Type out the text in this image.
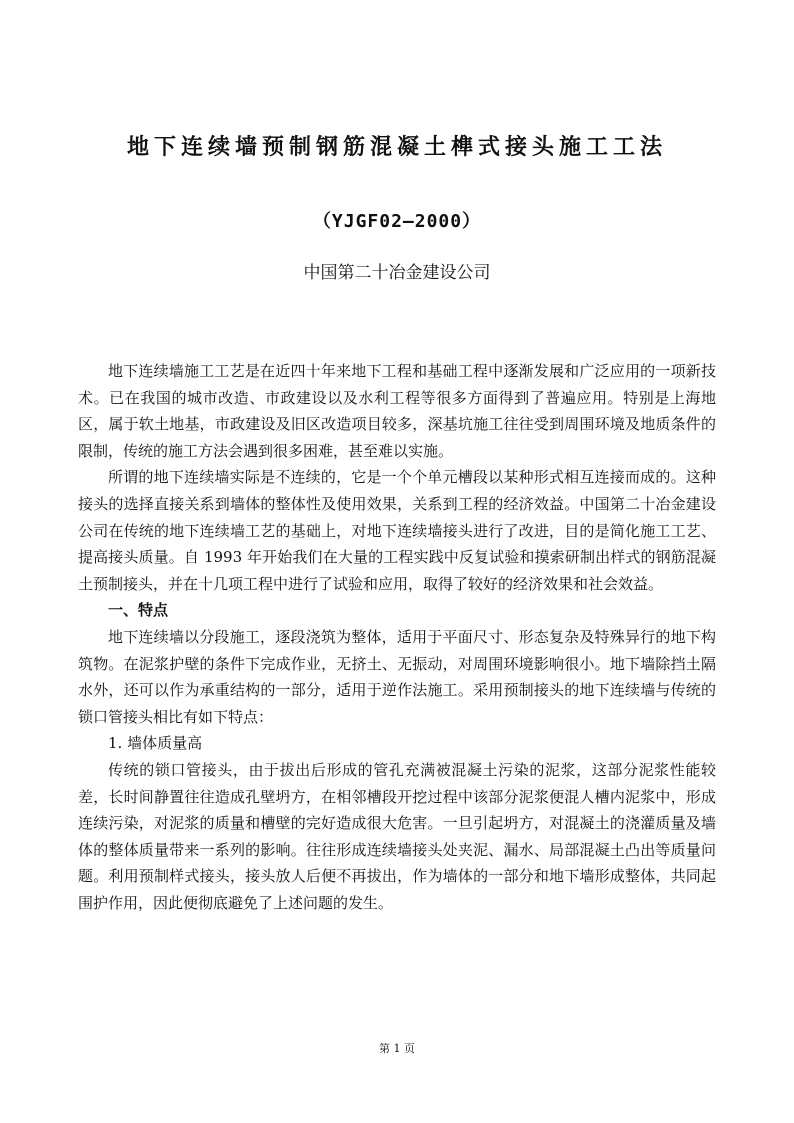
地下连续墙预制钢筋混凝土榫式接头施工工法
（YJGF02—2000）
中国第二十冶金建设公司

地下连续墙施工工艺是在近四十年来地下工程和基础工程中逐渐发展和广泛应用的一项新技术。已在我国的城市改造、市政建设以及水利工程等很多方面得到了普遍应用。特别是上海地区，属于软土地基，市政建设及旧区改造项目较多，深基坑施工往往受到周围环境及地质条件的限制，传统的施工方法会遇到很多困难，甚至难以实施。

所谓的地下连续墙实际是不连续的，它是一个个单元槽段以某种形式相互连接而成的。这种接头的选择直接关系到墙体的整体性及使用效果，关系到工程的经济效益。中国第二十冶金建设公司在传统的地下连续墙工艺的基础上，对地下连续墙接头进行了改进，目的是简化施工工艺、提高接头质量。自 1993 年开始我们在大量的工程实践中反复试验和摸索研制出样式的钢筋混凝土预制接头，并在十几项工程中进行了试验和应用，取得了较好的经济效果和社会效益。

一、特点

地下连续墙以分段施工，逐段浇筑为整体，适用于平面尺寸、形态复杂及特殊异行的地下构筑物。在泥浆护壁的条件下完成作业，无挤土、无振动，对周围环境影响很小。地下墙除挡土隔水外，还可以作为承重结构的一部分，适用于逆作法施工。采用预制接头的地下连续墙与传统的锁口管接头相比有如下特点：

1. 墙体质量高

传统的锁口管接头，由于拔出后形成的管孔充满被混凝土污染的泥浆，这部分泥浆性能较差，长时间静置往往造成孔壁坍方，在相邻槽段开挖过程中该部分泥浆便混人槽内泥浆中，形成连续污染，对泥浆的质量和槽壁的完好造成很大危害。一旦引起坍方，对混凝土的浇灌质量及墙体的整体质量带来一系列的影响。往往形成连续墙接头处夹泥、漏水、局部混凝土凸出等质量问题。利用预制样式接头，接头放人后便不再拔出，作为墙体的一部分和地下墙形成整体，共同起围护作用，因此便彻底避免了上述问题的发生。

第 1 页
